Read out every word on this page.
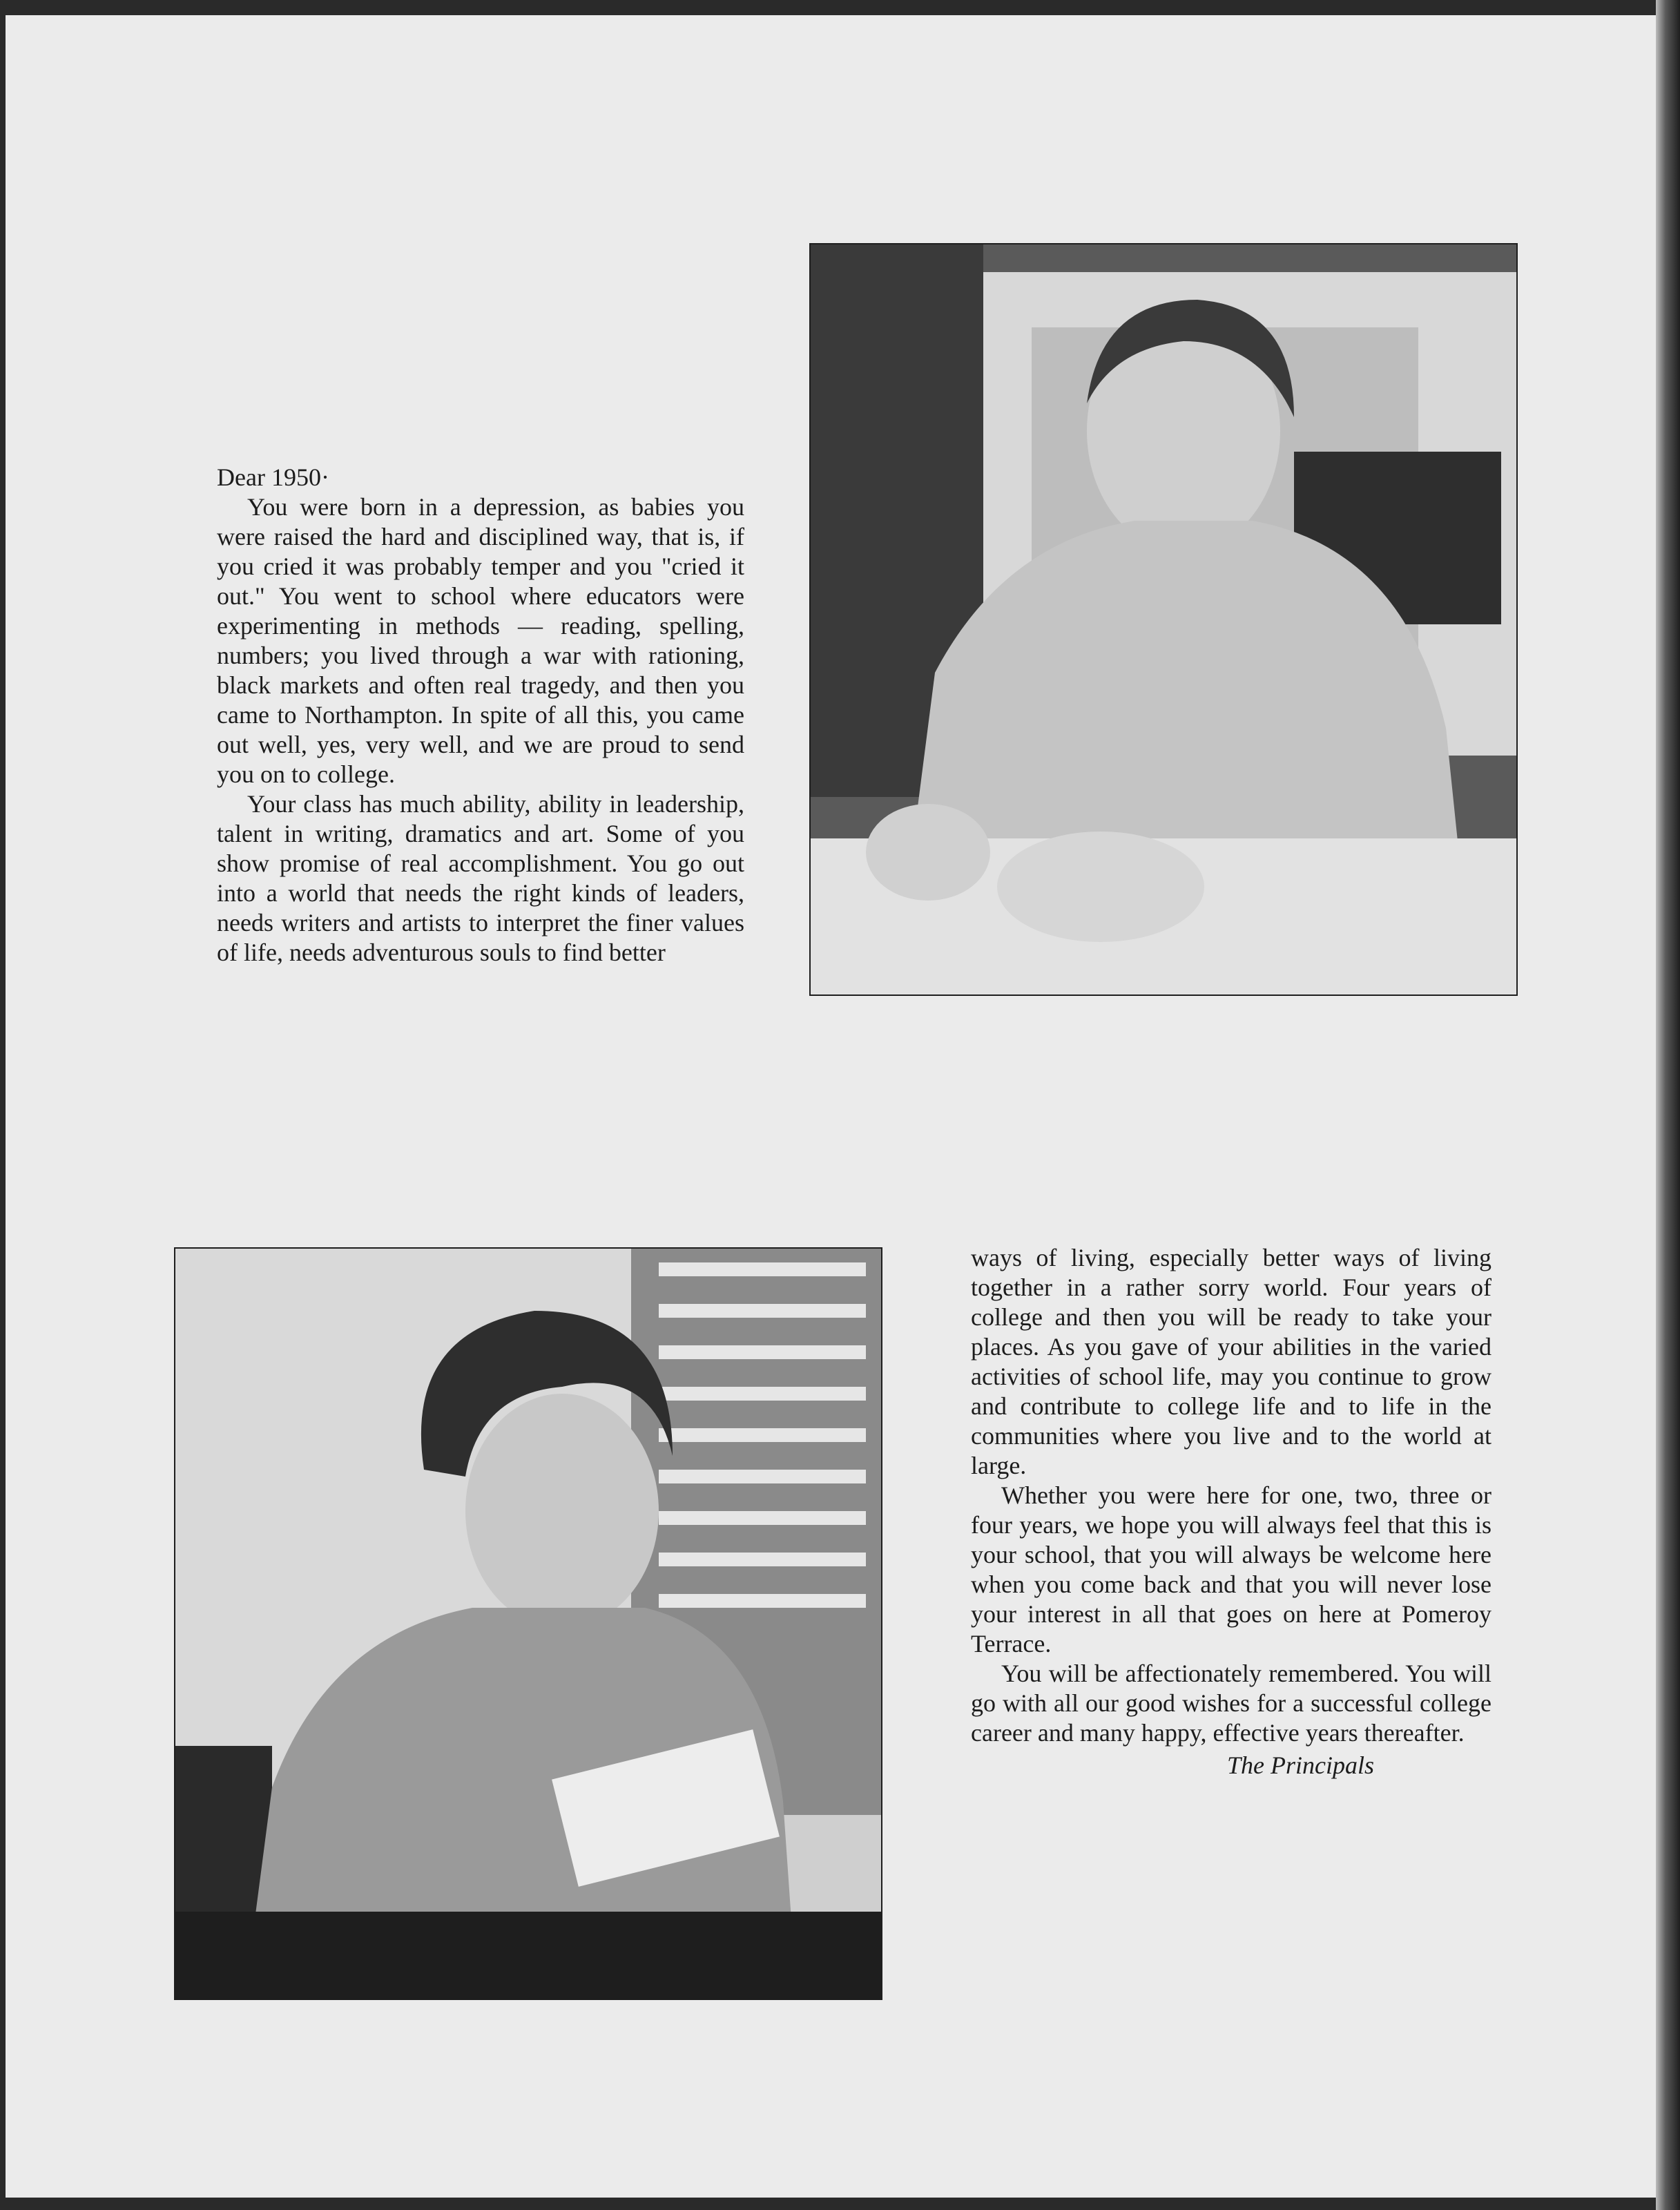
Dear 1950·

You were born in a depression, as babies you were raised the hard and disciplined way, that is, if you cried it was probably temper and you "cried it out." You went to school where educators were experimenting in methods — reading, spelling, numbers; you lived through a war with rationing, black markets and often real tragedy, and then you came to Northampton. In spite of all this, you came out well, yes, very well, and we are proud to send you on to college.

Your class has much ability, ability in leadership, talent in writing, dramatics and art. Some of you show promise of real accomplishment. You go out into a world that needs the right kinds of leaders, needs writers and artists to interpret the finer values of life, needs adventurous souls to find better

ways of living, especially better ways of living together in a rather sorry world. Four years of college and then you will be ready to take your places. As you gave of your abilities in the varied activities of school life, may you continue to grow and contribute to college life and to life in the communities where you live and to the world at large.

Whether you were here for one, two, three or four years, we hope you will always feel that this is your school, that you will always be welcome here when you come back and that you will never lose your interest in all that goes on here at Pomeroy Terrace.

You will be affectionately remembered. You will go with all our good wishes for a successful college career and many happy, effective years thereafter.

The Principals
